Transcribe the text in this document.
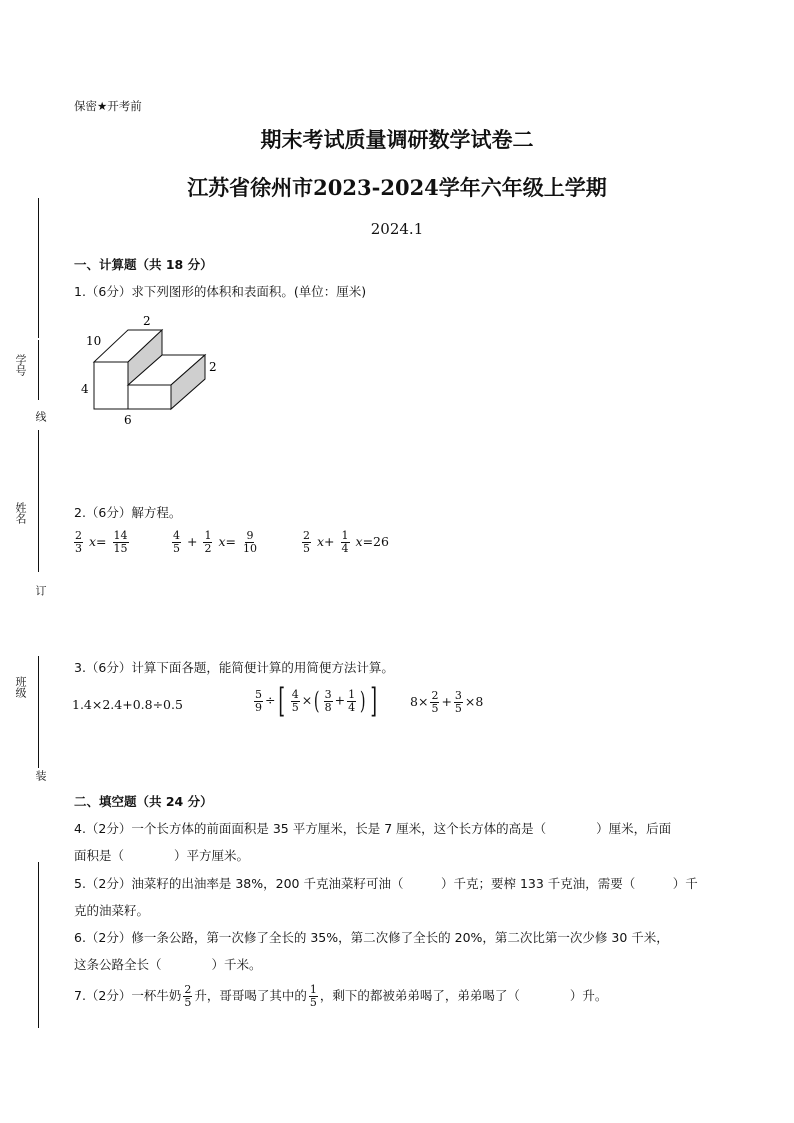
保密★开考前
期末考试质量调研数学试卷二
江苏省徐州市2023-2024学年六年级上学期
2024.1
学号
线
姓名
订
班级
装
一、计算题（共 18 分）
1.（6分）求下列图形的体积和表面积。(单位：厘米)
2
10
2
4
6
2.（6分）解方程。
$\frac{2}{3} x= \frac{14}{15}$	$\frac{4}{5} + \frac{1}{2} x= \frac{9}{10}$	$\frac{2}{5} x+ \frac{1}{4} x=26$
3.（6分）计算下面各题，能简便计算的用简便方法计算。
1.4×2.4+0.8÷0.5	$\frac{5}{9}$ ÷[ $\frac{4}{5}$ ×( $\frac{3}{8} + \frac{1}{4}$ ) ]	$8\times \frac{2}{5} + \frac{3}{5} \times 8$
二、填空题（共 24 分）
4.（2分）一个长方体的前面面积是 35 平方厘米，长是 7 厘米，这个长方体的高是（　　　　）厘米，后面
面积是（　　　　）平方厘米。
5.（2分）油菜籽的出油率是 38%，200 千克油菜籽可油（　　　）千克；要榨 133 千克油，需要（　　　）千
克的油菜籽。
6.（2分）修一条公路，第一次修了全长的 35%，第二次修了全长的 20%，第二次比第一次少修 30 千米，
这条公路全长（　　　　）千米。
7.（2分）一杯牛奶 $\frac{2}{5}$ 升，哥哥喝了其中的 $\frac{1}{5}$ ，剩下的都被弟弟喝了，弟弟喝了（　　　　）升。
